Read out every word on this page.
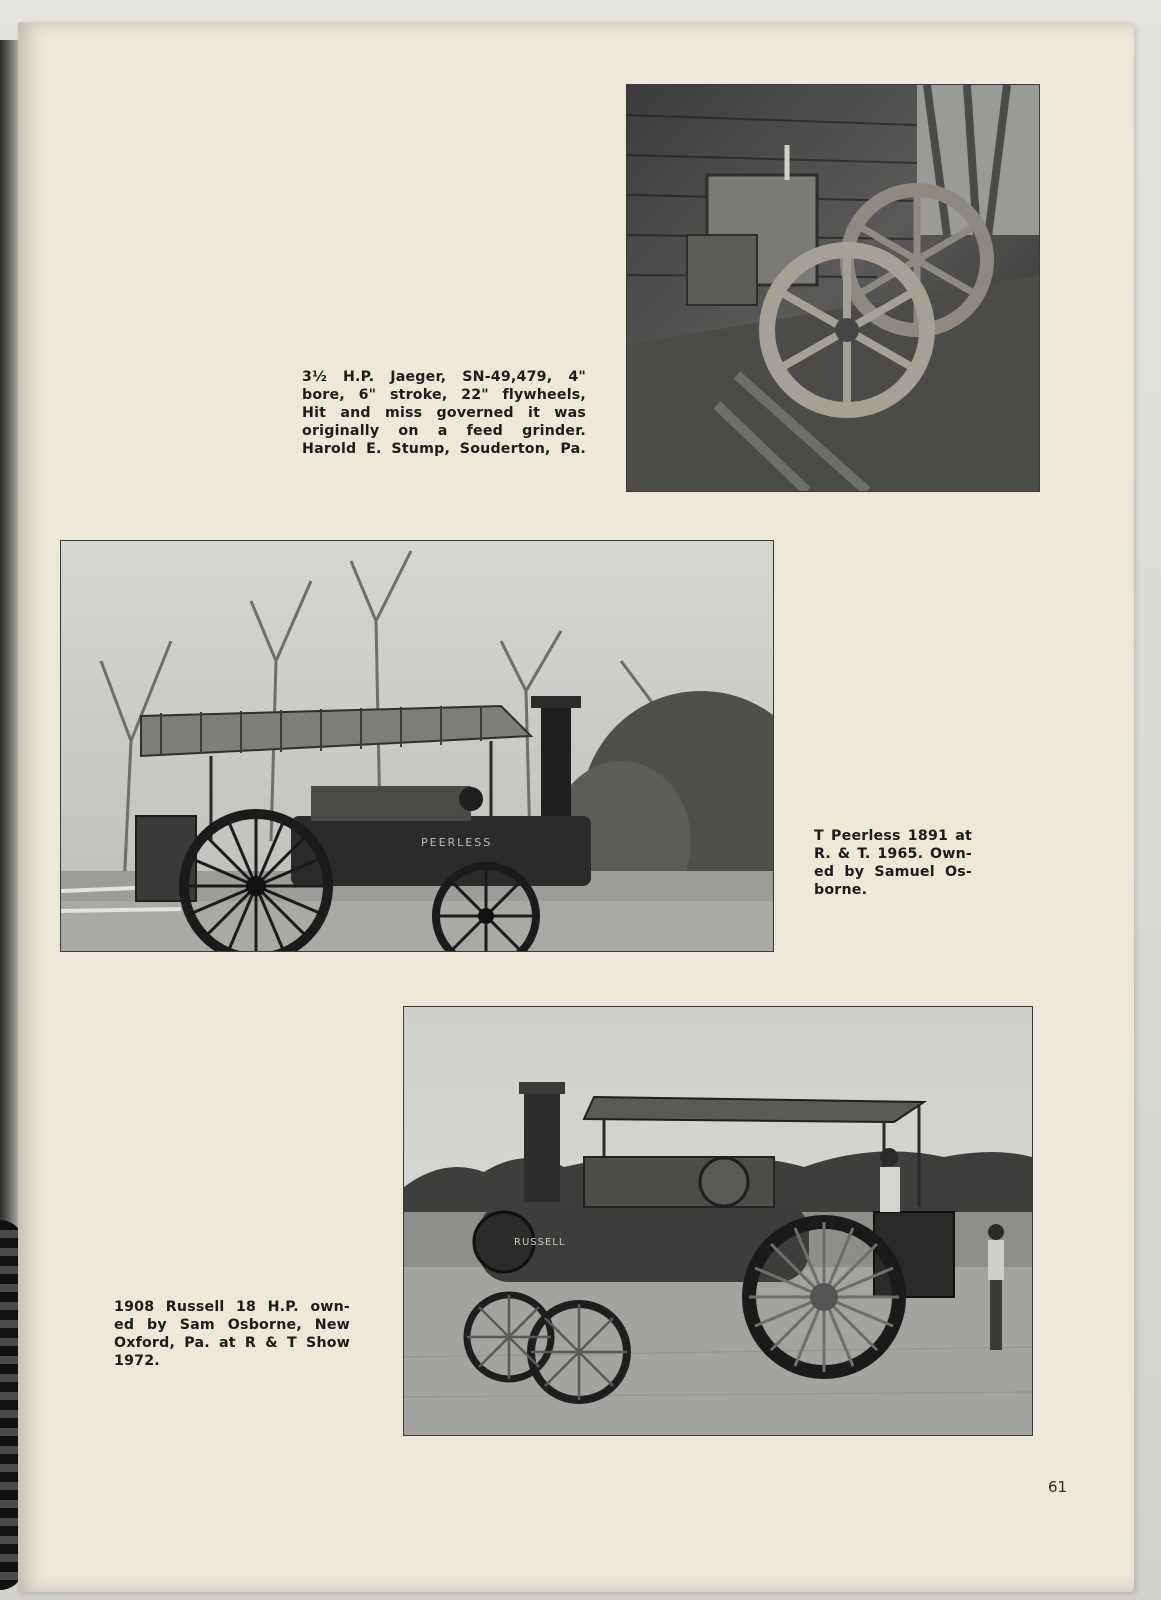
3½ H.P. Jaeger, SN-49,479, 4"
bore, 6" stroke, 22" flywheels,
Hit and miss governed it was
originally on a feed grinder.
Harold E. Stump, Souderton, Pa.
PEERLESS	T Peerless 1891 at
R. & T. 1965. Own-
ed by Samuel Os-
borne.
RUSSELL
1908 Russell 18 H.P. own-
ed by Sam Osborne, New
Oxford, Pa. at R & T Show
1972.
61
